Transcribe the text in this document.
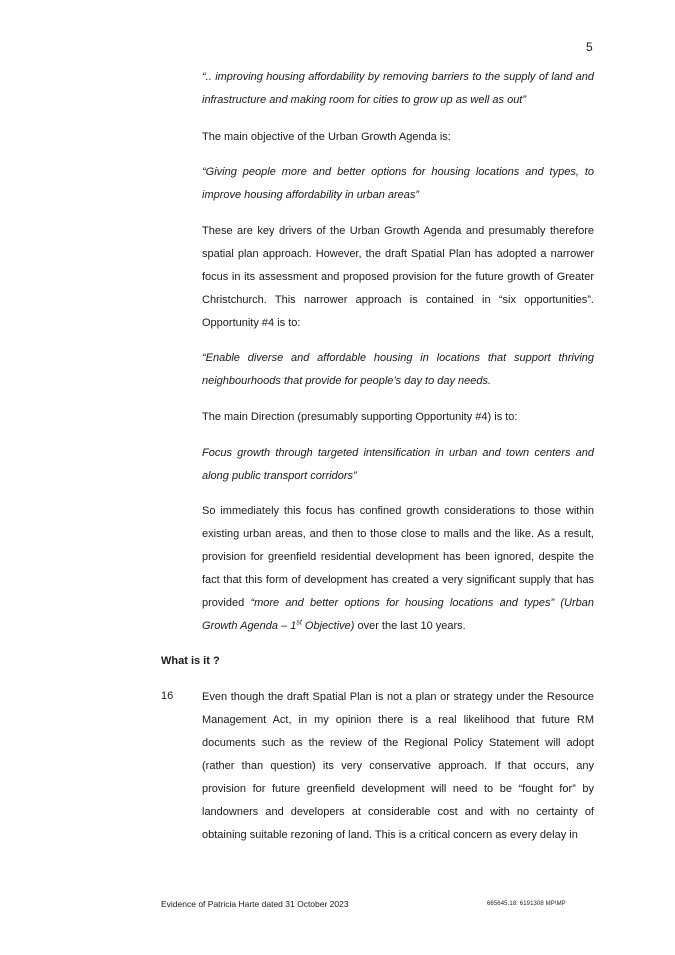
5

“.. improving housing affordability by removing barriers to the supply of land and infrastructure and making room for cities to grow up as well as out”

The main objective of the Urban Growth Agenda is:

“Giving people more and better options for housing locations and types, to improve housing affordability in urban areas”

These are key drivers of the Urban Growth Agenda and presumably therefore spatial plan approach. However, the draft Spatial Plan has adopted a narrower focus in its assessment and proposed provision for the future growth of Greater Christchurch. This narrower approach is contained in “six opportunities”. Opportunity #4 is to:

“Enable diverse and affordable housing in locations that support thriving neighbourhoods that provide for people’s day to day needs.

The main Direction (presumably supporting Opportunity #4) is to:

Focus growth through targeted intensification in urban and town centers and along public transport corridors”

So immediately this focus has confined growth considerations to those within existing urban areas, and then to those close to malls and the like. As a result, provision for greenfield residential development has been ignored, despite the fact that this form of development has created a very significant supply that has provided “more and better options for housing locations and types” (Urban Growth Agenda – 1st Objective) over the last 10 years.

What is it ?
16	Even though the draft Spatial Plan is not a plan or strategy under the Resource Management Act, in my opinion there is a real likelihood that future RM documents such as the review of the Regional Policy Statement will adopt (rather than question) its very conservative approach. If that occurs, any provision for future greenfield development will need to be “fought for” by landowners and developers at considerable cost and with no certainty of obtaining suitable rezoning of land. This is a critical concern as every delay in

Evidence of Patricia Harte dated 31 October 2023	665645.18: 6191308 MP\MP
